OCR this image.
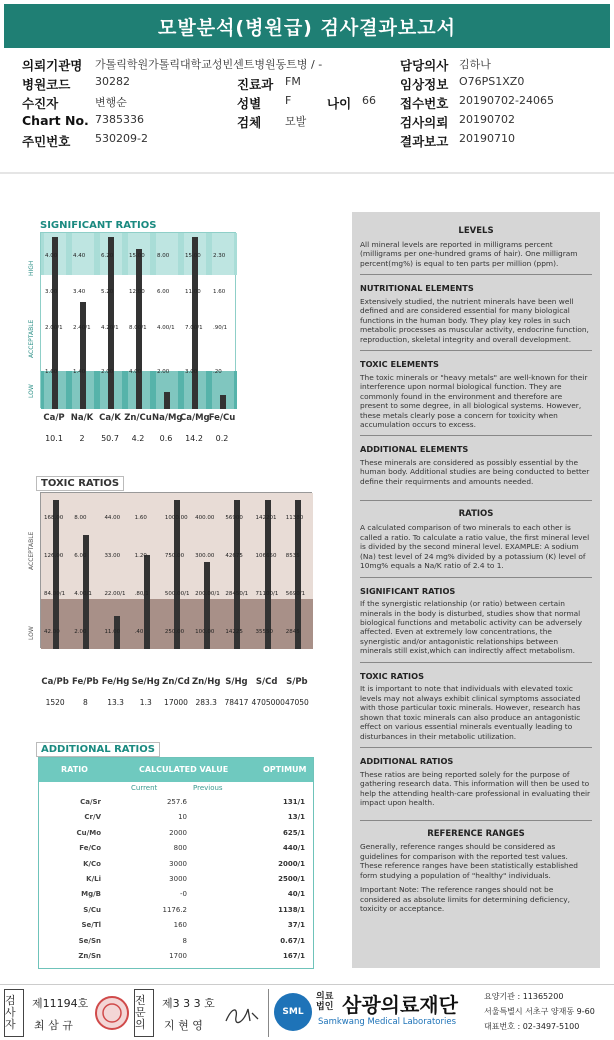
모발분석(병원급) 검사결과보고서
의뢰기관명 가톨릭학원가톨릭대학교성빈센트병원동트병 / -	담당의사 김하나
병원코드 30282	진료과 FM	임상정보 O76PS1XZ0
수진자	변행순	성별 F	나이 66 접수번호 20190702-24065
Chart No. 7385336	검체 모발	검사의뢰 20190702
주민번호 530209-2	결과보고 20190710
LEVELS

All mineral levels are reported in milligrams percent (milligrams per one-hundred grams of hair). One milligram percent(mg%) is equal to ten parts per million (ppm).

NUTRITIONAL ELEMENTS

Extensively studied, the nutrient minerals have been well defined and are considered essential for many biological functions in the human body. They play key roles in such metabolic processes as muscular activity, endocrine function, reproduction, skeletal integrity and overall development.

TOXIC ELEMENTS

The toxic minerals or "heavy metals" are well-known for their interference upon normal biological function. They are commonly found in the environment and therefore are present to some degree, in all biological systems. However, these metals clearly pose a concern for toxicity when accumulation occurs to excess.

ADDITIONAL ELEMENTS

These minerals are considered as possibly essential by the human body. Additional studies are being conducted to better define their requirments and amounts needed.

RATIOS

A calculated comparison of two minerals to each other is called a ratio. To calculate a ratio value, the first mineral level is divided by the second mineral level. EXAMPLE: A sodium (Na) test level of 24 mg% divided by a potassium (K) level of 10mg% equals a Na/K ratio of 2.4 to 1.

SIGNIFICANT RATIOS

If the synergistic relationship (or ratio) between certain minerals in the body is disturbed, studies show that normal biological functions and metabolic activity can be adversely affected. Even at extremely low concentrations, the synergistic and/or antagonistic relationships between minerals still exist,which can indirectly affect metabolism.

TOXIC RATIOS

It is important to note that individuals with elevated toxic levels may not always exhibit clinical symptoms associated with those particular toxic minerals. However, research has shown that toxic minerals can also produce an antagonistic effect on various essential minerals eventually leading to disturbances in their metabolic utilization.

ADDITIONAL RATIOS

These ratios are being reported solely for the purpose of gathering research data. This information will then be used to help the attending health-care professional in evaluating their impact upon health.

REFERENCE RANGES

Generally, reference ranges should be considered as guidelines for comparison with the reported test values. These reference ranges have been statistically established form studying a population of "healthy" individuals.

Important Note: The reference ranges should not be considered as absolute limits for determining deficiency, toxicity or acceptance.

SIGNIFICANT RATIOS
HIGH
ACCEPTABLE
LOW
4.00
3.00
2.00/1
1.60
4.40
3.40
2.40/1
1.40
6.20
5.20
4.20/1
2.00
15.00
12.00
8.00/1
4.00
8.00
6.00
4.00/1
2.00
15.00
11.00
7.00/1
3.00
2.30
1.60
.90/1
.20
Ca/P Na/K Ca/K Zn/Cu Na/Mg
Ca/Mg Fe/Cu
10.1	2	50.7	4.2	0.6	14.2	0.2
TOXIC RATIOS
ACCEPTABLE
LOW
168.00
126.00
84.00/1
42.00
8.00
6.00
4.00/1
2.00
44.00
33.00
22.00/1
11.00
1.60
1.20
.80/1
.40
1000.00
750.00
500.00/1
250.00
400.00
300.00
200.00/1
100.00
56900
42675
28450/1
14225
142201
106650
71100/1
35550
11380
8535
5690/1
2845
Ca/Pb Fe/Pb Fe/Hg Se/Hg Zn/Cd Zn/Hg S/Hg S/Cd	S/Pb
1520	8	13.3	1.3	17000	283.3	78417 4705000 47050
ADDITIONAL RATIOS
RATIO	CALCULATED VALUE	OPTIMUM
Current	Previous
Ca/Sr	257.6	131/1
Cr/V	10	13/1
Cu/Mo	2000	625/1
Fe/Co	800	440/1
K/Co	3000	2000/1
K/Li	3000	2500/1
Mg/B	-0	40/1
S/Cu	1176.2	1138/1
Se/Tl	160	37/1
Se/Sn	8	0.67/1
Zn/Sn	1700	167/1
검사자
제11194호
최 삼 규
전문의
제3 3 3 호
지 현 영
SML
의료법인 삼광의료재단
Samkwang Medical Laboratories
요양기관 : 11365200
서울특별시 서초구 양재동 9-60
대표번호 : 02-3497-5100
